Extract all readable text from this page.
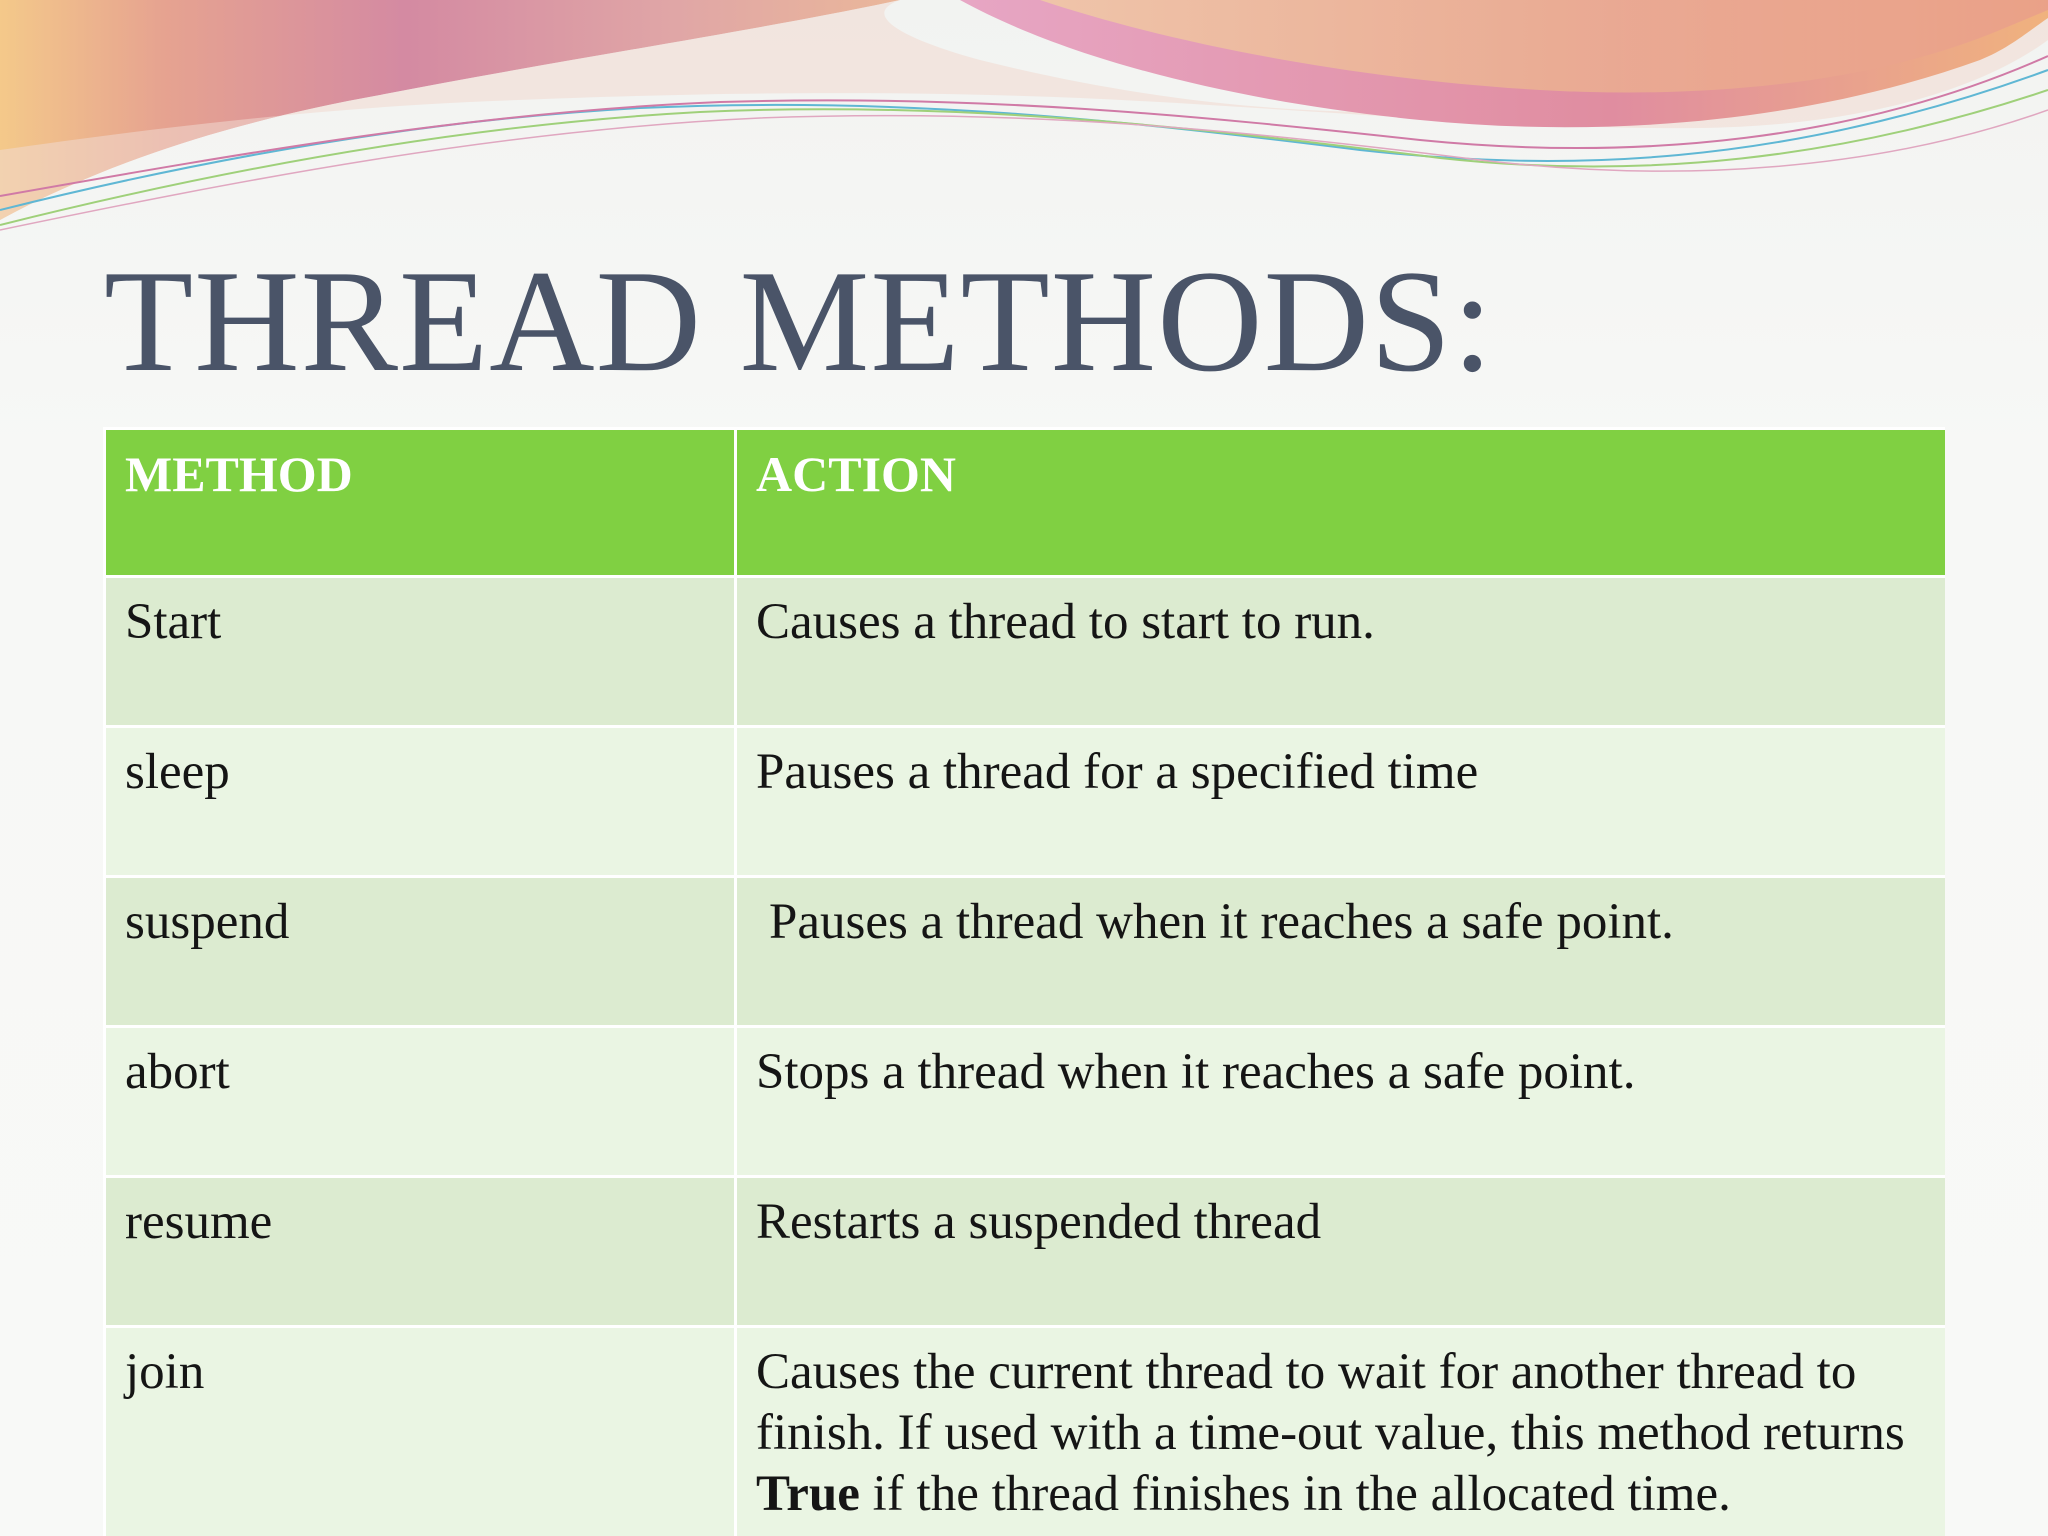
THREAD METHODS:
METHOD	ACTION
Start	Causes a thread to start to run.
sleep	Pauses a thread for a specified time
suspend	Pauses a thread when it reaches a safe point.
abort	Stops a thread when it reaches a safe point.
resume	Restarts a suspended thread
join	Causes the current thread to wait for another thread to finish. If used with a time-out value, this method returns True if the thread finishes in the allocated time.
